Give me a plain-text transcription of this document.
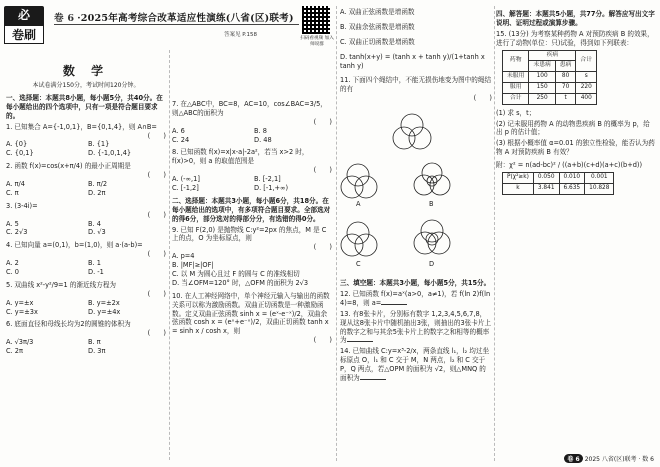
必
卷刷
卷 6 ·2025年高考综合改革适应性演练(八省(区)联考)
答案见 P.158
扫码看视频 加入师说群
数 学
本试卷满分150分，考试时间120分钟。
一、选择题：本题共8小题，每小题5分，共40分。在每小题给出的四个选项中，只有一项是符合题目要求的。
1. 已知集合 A={-1,0,1}，B={0,1,4}，则 A∩B=
(　　)
A. {0}	B. {1}
C. {0,1}	D. {-1,0,1,4}
2. 函数 f(x)=cos(x+π/4) 的最小正周期是
(　　)
A. π/4	B. π/2
C. π	D. 2π
3. (3-4i)=
(　　)
A. 5	B. 4
C. 2√3	D. √3
4. 已知向量 a=(0,1)，b=(1,0)，则 a·(a-b)=
(　　)
A. 2	B. 1
C. 0	D. -1
5. 双曲线 x²-y²/9=1 的渐近线方程为
(　　)
A. y=±x	B. y=±2x
C. y=±3x	D. y=±4x
6. 底面直径和母线长均为2的圆锥的体积为
(　　)
A. √3π/3	B. π
C. 2π	D. 3π
7. 在△ABC中，BC=8，AC=10，cos∠BAC=3/5，则△ABC的面积为
(　　)
A. 6	B. 8
C. 24	D. 48
8. 已知函数 f(x)=x|x-a|-2a²，若当 x>2 时，f(x)>0，则 a 的取值范围是
(　　)
A. (-∞,1]	B. [-2,1]
C. [-1,2]	D. [-1,+∞)
二、选择题：本题共3小题，每小题6分，共18分。在每小题给出的选项中，有多项符合题目要求。全部选对的得6分，部分选对的得部分分，有选错的得0分。
9. 已知 F(2,0) 是抛物线 C:y²=2px 的焦点，M 是 C 上的点，O 为坐标原点，则
(　　)
A. p=4
B. |MF|≥|OF|
C. 以 M 为圆心且过 F 的圆与 C 的准线相切
D. 当∠OFM=120° 时，△OFM 的面积为 2√3
10. 在人工神经网络中，单个神经元输入与输出的函数关系可以称为激励函数。双曲正切函数是一种激励函数。定义双曲正弦函数 sinh x = (eˣ-e⁻ˣ)/2，双曲余弦函数 cosh x = (eˣ+e⁻ˣ)/2，双曲正切函数 tanh x = sinh x / cosh x，则
(　　)
A. 双曲正弦函数是增函数
B. 双曲余弦函数是增函数
C. 双曲正切函数是增函数
D. tanh(x+y) = (tanh x + tanh y)/(1+tanh x tanh y)
11. 下面四个绳结中，不能无损伤地变为图中的绳结的有
(　　)
A	B
C	D
三、填空题：本题共3小题，每小题5分，共15分。
12. 已知函数 f(x)=aˣ(a>0，a≠1)，若 f(ln 2)f(ln 4)=8，则 a=
13. 有8张卡片，分别标有数字 1,2,3,4,5,6,7,8，现从这8张卡片中随机抽出3张，则抽出的3张卡片上的数字之和与其余5张卡片上的数字之和相等的概率为
14. 已知曲线 C:y=x³-2/x，两条直线 l₁，l₂ 均过坐标原点 O，l₁ 和 C 交于 M，N 两点，l₂ 和 C 交于 P，Q 两点，若△OPM 的面积为 √2，则△MNQ 的面积为
四、解答题：本题共5小题，共77分。解答应写出文字说明、证明过程或演算步骤。
15. (13分) 为考察某种药物 A 对预防疾病 B 的效果，进行了动物(单位：只)试验，得到如下列联表：
药物	疾病		合计
	未患病	患病	
未服用	100	80	s
服用	150	70	220
合计	250	t	400
(1) 求 s，t；
(2) 记未服用药物 A 的动物患疾病 B 的概率为 p，给出 p 的估计值；
(3) 根据小概率值 α=0.01 的独立性检验，能否认为药物 A 对预防疾病 B 有效？
附：χ² = n(ad-bc)² / ((a+b)(c+d)(a+c)(b+d))
P(χ²≥k)	0.050	0.010	0.001
k	3.841	6.635	10.828
卷 6 2025 八省(区)联考 · 数 6
